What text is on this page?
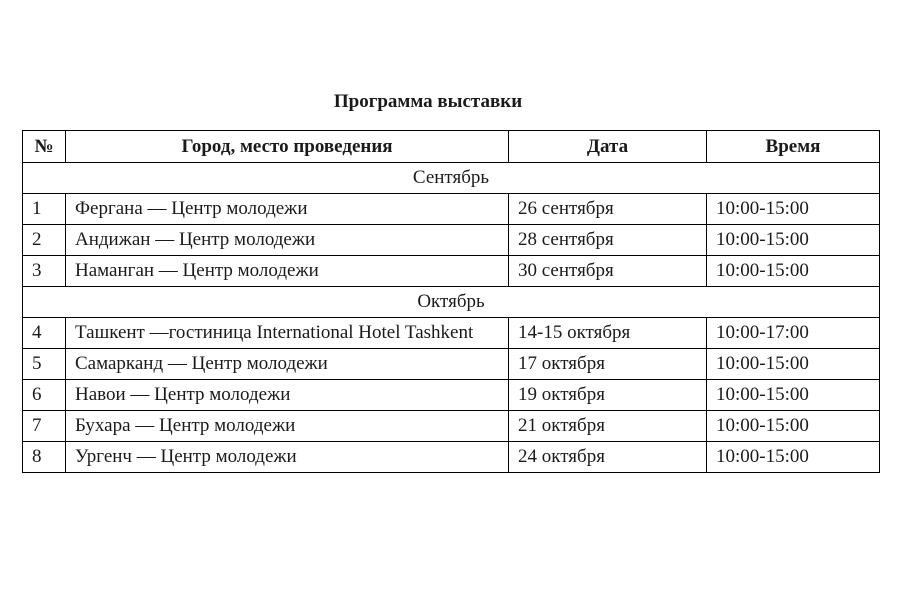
Программа выставки
№	Город, место проведения	Дата	Время
Сентябрь			
1	Фергана — Центр молодежи	26 сентября	10:00-15:00
2	Андижан — Центр молодежи	28 сентября	10:00-15:00
3	Наманган — Центр молодежи	30 сентября	10:00-15:00
Октябрь			
4	Ташкент —гостиница International Hotel Tashkent	14-15 октября	10:00-17:00
5	Самарканд — Центр молодежи	17 октября	10:00-15:00
6	Навои — Центр молодежи	19 октября	10:00-15:00
7	Бухара — Центр молодежи	21 октября	10:00-15:00
8	Ургенч — Центр молодежи	24 октября	10:00-15:00
